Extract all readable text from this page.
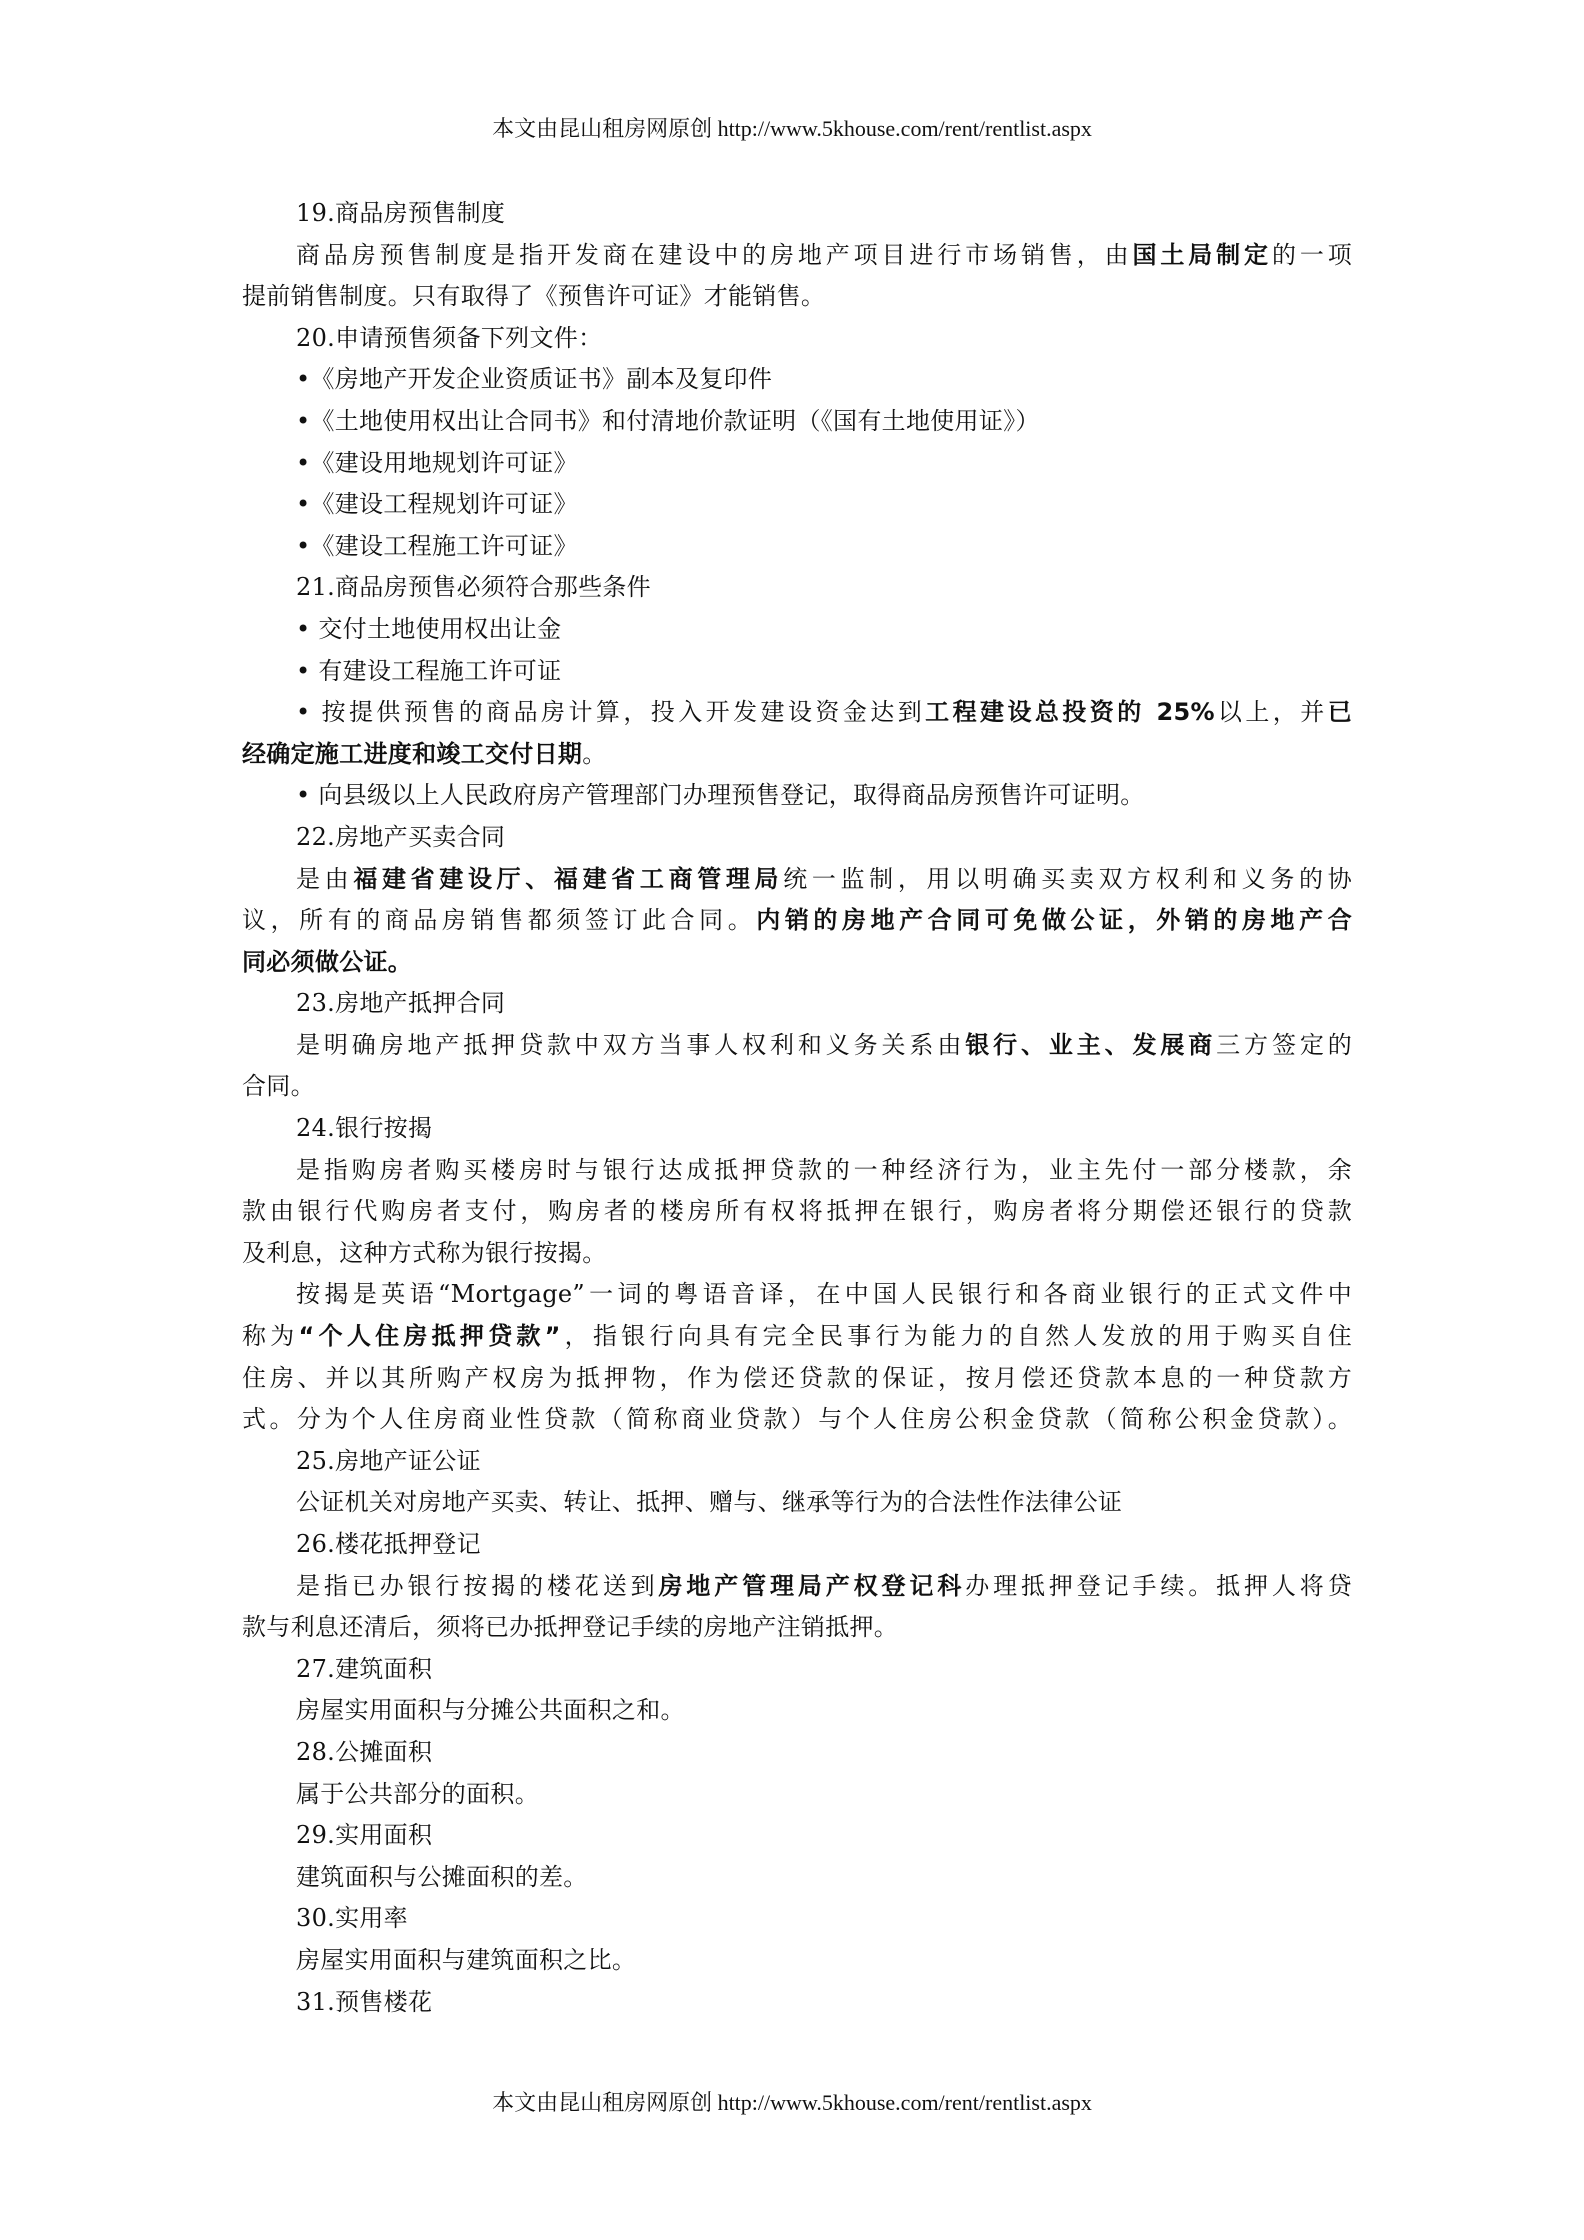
本文由昆山租房网原创 http://www.5khouse.com/rent/rentlist.aspx
19.商品房预售制度
商品房预售制度是指开发商在建设中的房地产项目进行市场销售，由国土局制定的一项
提前销售制度。只有取得了《预售许可证》才能销售。
20.申请预售须备下列文件：
•《房地产开发企业资质证书》副本及复印件
•《土地使用权出让合同书》和付清地价款证明（《国有土地使用证》）
•《建设用地规划许可证》
•《建设工程规划许可证》
•《建设工程施工许可证》
21.商品房预售必须符合那些条件
• 交付土地使用权出让金
• 有建设工程施工许可证
• 按提供预售的商品房计算，投入开发建设资金达到工程建设总投资的 25%以上，并已
经确定施工进度和竣工交付日期。
• 向县级以上人民政府房产管理部门办理预售登记，取得商品房预售许可证明。
22.房地产买卖合同
是由福建省建设厅、福建省工商管理局统一监制，用以明确买卖双方权利和义务的协
议，所有的商品房销售都须签订此合同。内销的房地产合同可免做公证，外销的房地产合
同必须做公证。
23.房地产抵押合同
是明确房地产抵押贷款中双方当事人权利和义务关系由银行、业主、发展商三方签定的
合同。
24.银行按揭
是指购房者购买楼房时与银行达成抵押贷款的一种经济行为，业主先付一部分楼款，余
款由银行代购房者支付，购房者的楼房所有权将抵押在银行，购房者将分期偿还银行的贷款
及利息，这种方式称为银行按揭。
按揭是英语“Mortgage”一词的粤语音译，在中国人民银行和各商业银行的正式文件中
称为“个人住房抵押贷款”，指银行向具有完全民事行为能力的自然人发放的用于购买自住
住房、并以其所购产权房为抵押物，作为偿还贷款的保证，按月偿还贷款本息的一种贷款方
式。分为个人住房商业性贷款（简称商业贷款）与个人住房公积金贷款（简称公积金贷款）。
25.房地产证公证
公证机关对房地产买卖、转让、抵押、赠与、继承等行为的合法性作法律公证
26.楼花抵押登记
是指已办银行按揭的楼花送到房地产管理局产权登记科办理抵押登记手续。抵押人将贷
款与利息还清后，须将已办抵押登记手续的房地产注销抵押。
27.建筑面积
房屋实用面积与分摊公共面积之和。
28.公摊面积
属于公共部分的面积。
29.实用面积
建筑面积与公摊面积的差。
30.实用率
房屋实用面积与建筑面积之比。
31.预售楼花
本文由昆山租房网原创 http://www.5khouse.com/rent/rentlist.aspx
